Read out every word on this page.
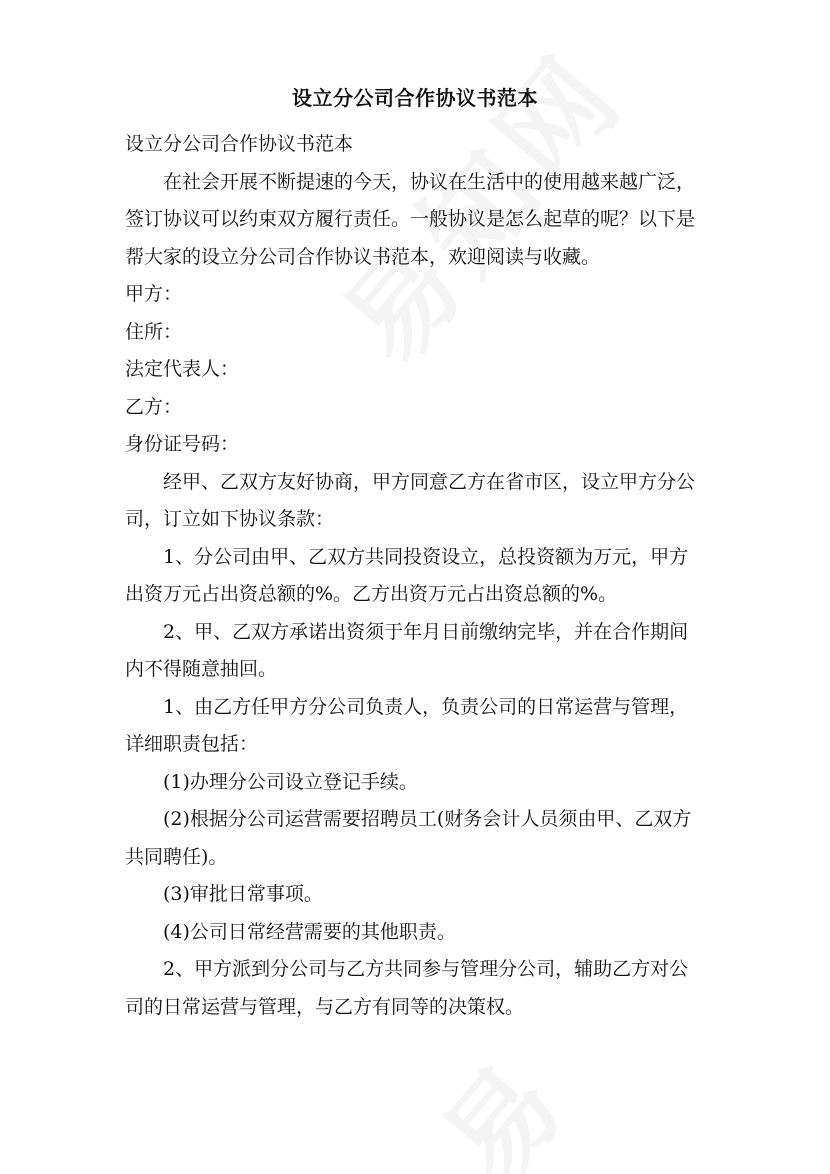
设立分公司合作协议书范本

设立分公司合作协议书范本

在社会开展不断提速的今天，协议在生活中的使用越来越广泛，签订协议可以约束双方履行责任。一般协议是怎么起草的呢？以下是帮大家的设立分公司合作协议书范本，欢迎阅读与收藏。

甲方：

住所：

法定代表人：

乙方：

身份证号码：

经甲、乙双方友好协商，甲方同意乙方在省市区，设立甲方分公司，订立如下协议条款：

1、分公司由甲、乙双方共同投资设立，总投资额为万元，甲方出资万元占出资总额的%。乙方出资万元占出资总额的%。

2、甲、乙双方承诺出资须于年月日前缴纳完毕，并在合作期间内不得随意抽回。

1、由乙方任甲方分公司负责人，负责公司的日常运营与管理，详细职责包括：

(1)办理分公司设立登记手续。

(2)根据分公司运营需要招聘员工(财务会计人员须由甲、乙双方共同聘任)。

(3)审批日常事项。

(4)公司日常经营需要的其他职责。

2、甲方派到分公司与乙方共同参与管理分公司，辅助乙方对公司的日常运营与管理，与乙方有同等的决策权。
